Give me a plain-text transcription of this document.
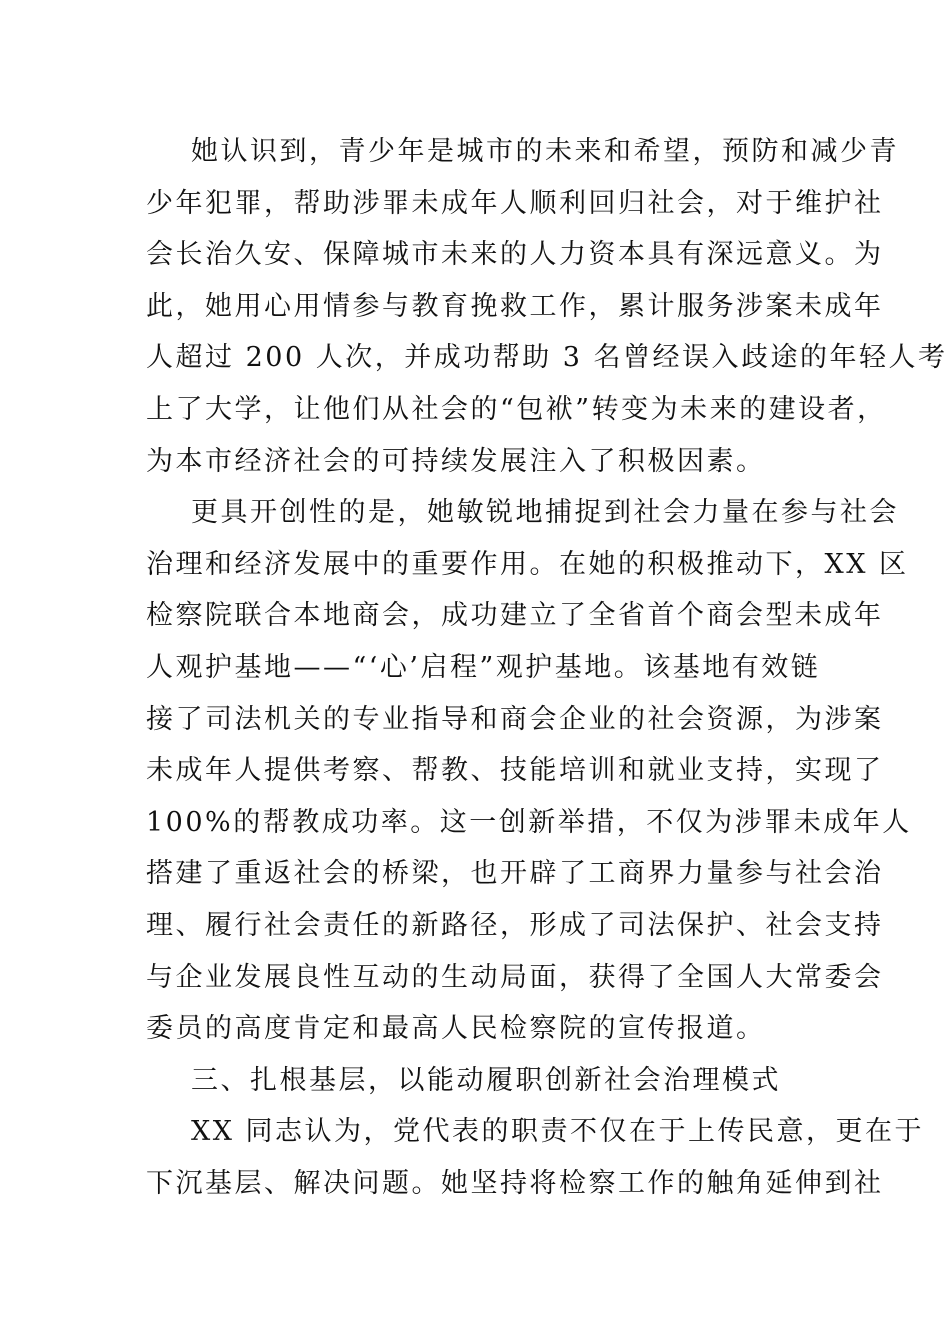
她认识到，青少年是城市的未来和希望，预防和减少青
少年犯罪，帮助涉罪未成年人顺利回归社会，对于维护社
会长治久安、保障城市未来的人力资本具有深远意义。为
此，她用心用情参与教育挽救工作，累计服务涉案未成年
人超过 200 人次，并成功帮助 3 名曾经误入歧途的年轻人考
上了大学，让他们从社会的“包袱”转变为未来的建设者，
为本市经济社会的可持续发展注入了积极因素。
更具开创性的是，她敏锐地捕捉到社会力量在参与社会
治理和经济发展中的重要作用。在她的积极推动下，XX 区
检察院联合本地商会，成功建立了全省首个商会型未成年
人观护基地——“‘心’启程”观护基地。该基地有效链
接了司法机关的专业指导和商会企业的社会资源，为涉案
未成年人提供考察、帮教、技能培训和就业支持，实现了
100%的帮教成功率。这一创新举措，不仅为涉罪未成年人
搭建了重返社会的桥梁，也开辟了工商界力量参与社会治
理、履行社会责任的新路径，形成了司法保护、社会支持
与企业发展良性互动的生动局面，获得了全国人大常委会
委员的高度肯定和最高人民检察院的宣传报道。
三、扎根基层，以能动履职创新社会治理模式
XX 同志认为，党代表的职责不仅在于上传民意，更在于
下沉基层、解决问题。她坚持将检察工作的触角延伸到社
